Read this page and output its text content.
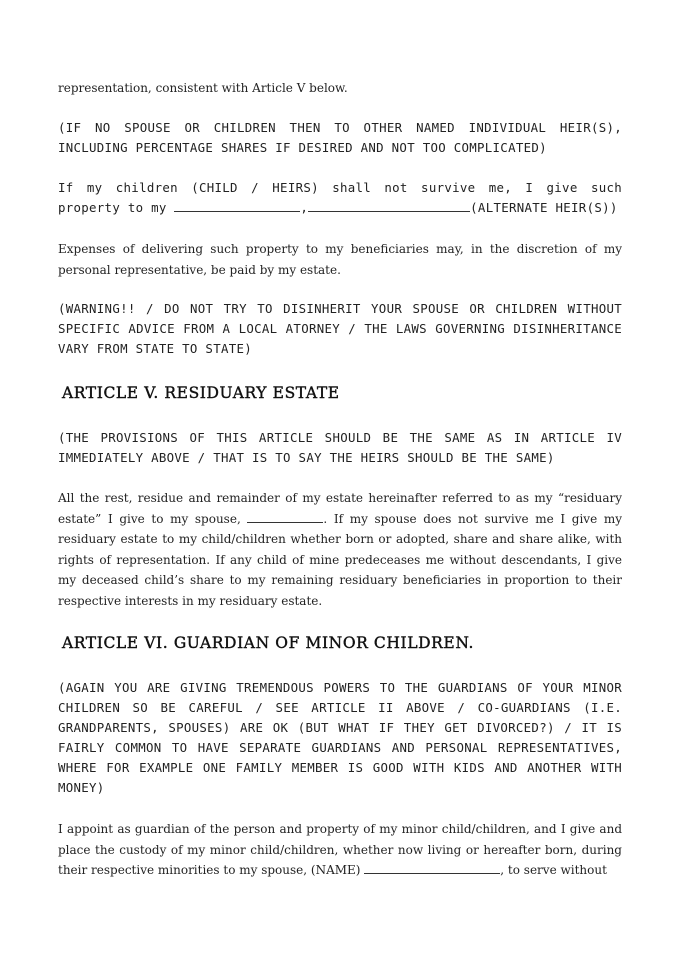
representation, consistent with Article V below.

(IF NO SPOUSE OR CHILDREN THEN TO OTHER NAMED INDIVIDUAL HEIR(S), INCLUDING PERCENTAGE SHARES IF DESIRED AND NOT TOO COMPLICATED)

If my children (CHILD / HEIRS) shall not survive me, I give such property to my	,	(ALTERNATE HEIR(S))

Expenses of delivering such property to my beneficiaries may, in the discretion of my personal representative, be paid by my estate.

(WARNING!! / DO NOT TRY TO DISINHERIT YOUR SPOUSE OR CHILDREN WITHOUT SPECIFIC ADVICE FROM A LOCAL ATORNEY / THE LAWS GOVERNING DISINHERITANCE VARY FROM STATE TO STATE)

ARTICLE V. RESIDUARY ESTATE

(THE PROVISIONS OF THIS ARTICLE SHOULD BE THE SAME AS IN ARTICLE IV IMMEDIATELY ABOVE / THAT IS TO SAY THE HEIRS SHOULD BE THE SAME)

All the rest, residue and remainder of my estate hereinafter referred to as my “residuary estate” I give to my spouse,	. If my spouse does not survive me I give my residuary estate to my child/children whether born or adopted, share and share alike, with rights of representation. If any child of mine predeceases me without descendants, I give my deceased child’s share to my remaining residuary beneficiaries in proportion to their respective interests in my residuary estate.

ARTICLE VI. GUARDIAN OF MINOR CHILDREN.

(AGAIN YOU ARE GIVING TREMENDOUS POWERS TO THE GUARDIANS OF YOUR MINOR CHILDREN SO BE CAREFUL / SEE ARTICLE II ABOVE / CO-GUARDIANS (I.E. GRANDPARENTS, SPOUSES) ARE OK (BUT WHAT IF THEY GET DIVORCED?) / IT IS FAIRLY COMMON TO HAVE SEPARATE GUARDIANS AND PERSONAL REPRESENTATIVES, WHERE FOR EXAMPLE ONE FAMILY MEMBER IS GOOD WITH KIDS AND ANOTHER WITH MONEY)

I appoint as guardian of the person and property of my minor child/children, and I give and place the custody of my minor child/children, whether now living or hereafter born, during their respective minorities to my spouse, (NAME)	, to serve without
